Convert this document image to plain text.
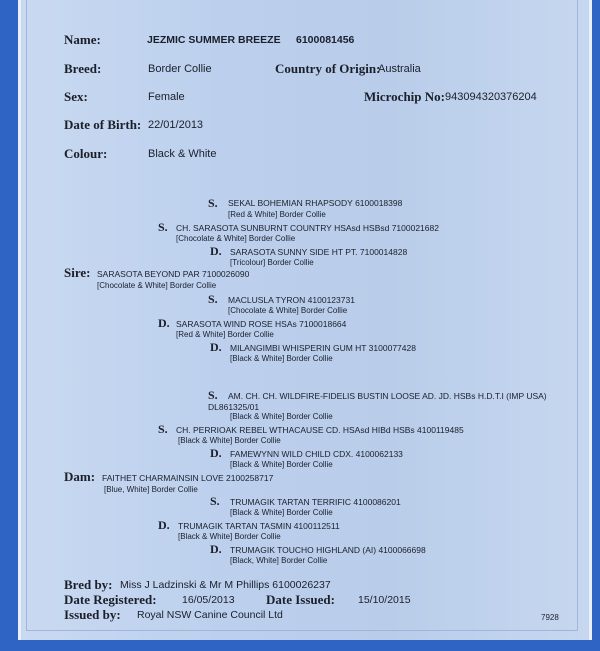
Name:	JEZMIC SUMMER BREEZE 6100081456
Breed:	Border Collie	Country of Origin:
Australia
Sex:	Female	Microchip No: 943094320376204
Date of Birth: 22/01/2013
Colour:	Black & White
S. SEKAL BOHEMIAN RHAPSODY 6100018398
[Red & White] Border Collie
S. CH. SARASOTA SUNBURNT COUNTRY HSAsd HSBsd 7100021682
[Chocolate & White] Border Collie
D. SARASOTA SUNNY SIDE HT PT. 7100014828
[Tricolour] Border Collie
Sire: SARASOTA BEYOND PAR 7100026090
[Chocolate & White] Border Collie
S. MACLUSLA TYRON 4100123731
[Chocolate & White] Border Collie
D. SARASOTA WIND ROSE HSAs 7100018664
[Red & White] Border Collie
D. MILANGIMBI WHISPERIN GUM HT 3100077428
[Black & White] Border Collie
S. AM. CH. CH. WILDFIRE-FIDELIS BUSTIN LOOSE AD. JD. HSBs H.D.T.I (IMP USA)
DL861325/01
[Black & White] Border Collie
S. CH. PERRIOAK REBEL WTHACAUSE CD. HSAsd HIBd HSBs 4100119485
[Black & White] Border Collie
D. FAMEWYNN WILD CHILD CDX. 4100062133
[Black & White] Border Collie
Dam: FAITHET CHARMAINSIN LOVE 2100258717
[Blue, White] Border Collie
S. TRUMAGIK TARTAN TERRIFIC 4100086201
[Black & White] Border Collie
D. TRUMAGIK TARTAN TASMIN 4100112511
[Black & White] Border Collie
D. TRUMAGIK TOUCHO HIGHLAND (AI) 4100066698
[Black, White] Border Collie
Bred by: Miss J Ladzinski & Mr M Phillips 6100026237
Date Registered: 16/05/2013 Date Issued: 15/10/2015
Issued by: Royal NSW Canine Council Ltd	7928
